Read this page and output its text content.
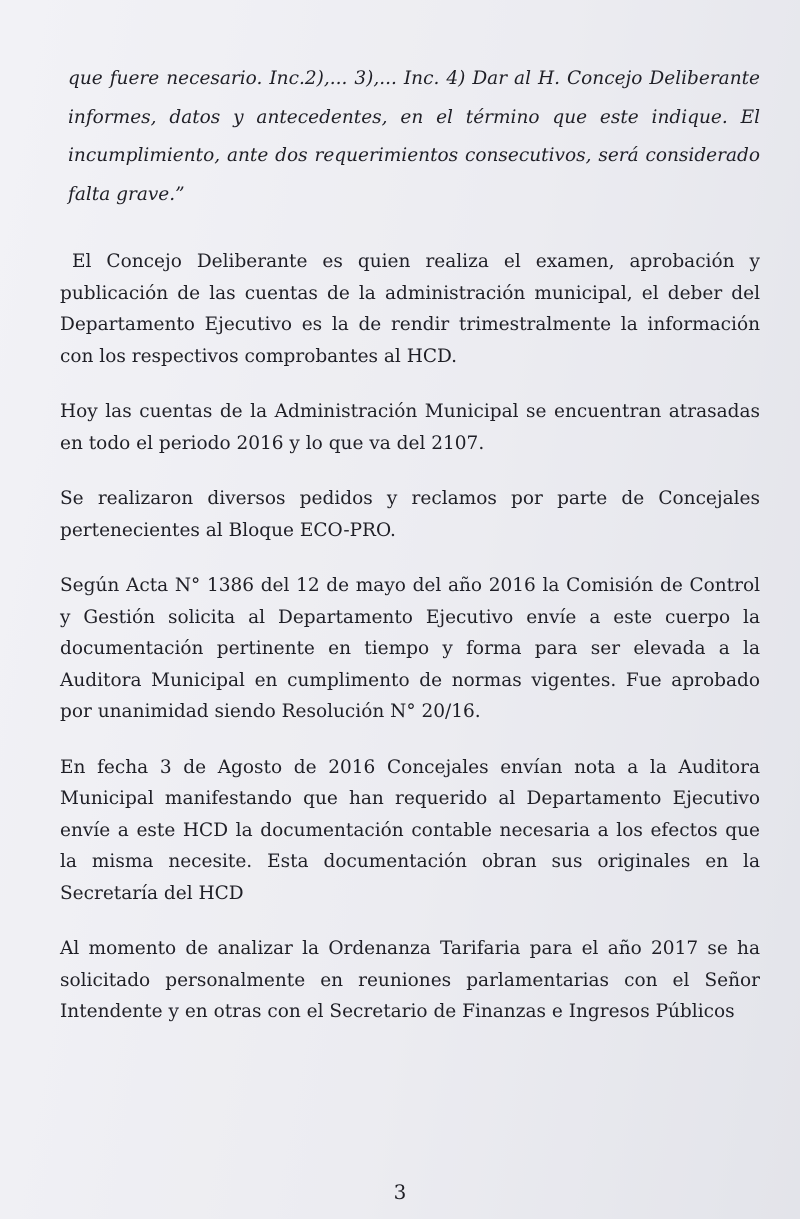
que fuere necesario. Inc.2),... 3),... Inc. 4) Dar al H. Concejo Deliberante informes, datos y antecedentes, en el término que este indique. El incumplimiento, ante dos requerimientos consecutivos, será considerado falta grave.”

El Concejo Deliberante es quien realiza el examen, aprobación y publicación de las cuentas de la administración municipal, el deber del Departamento Ejecutivo es la de rendir trimestralmente la información con los respectivos comprobantes al HCD.

Hoy las cuentas de la Administración Municipal se encuentran atrasadas en todo el periodo 2016 y lo que va del 2107.

Se realizaron diversos pedidos y reclamos por parte de Concejales pertenecientes al Bloque ECO-PRO.

Según Acta N° 1386 del 12 de mayo del año 2016 la Comisión de Control y Gestión solicita al Departamento Ejecutivo envíe a este cuerpo la documentación pertinente en tiempo y forma para ser elevada a la Auditora Municipal en cumplimento de normas vigentes. Fue aprobado por unanimidad siendo Resolución N° 20/16.

En fecha 3 de Agosto de 2016 Concejales envían nota a la Auditora Municipal manifestando que han requerido al Departamento Ejecutivo envíe a este HCD la documentación contable necesaria a los efectos que la misma necesite. Esta documentación obran sus originales en la Secretaría del HCD

Al momento de analizar la Ordenanza Tarifaria para el año 2017 se ha solicitado personalmente en reuniones parlamentarias con el Señor Intendente y en otras con el Secretario de Finanzas e Ingresos Públicos

3
